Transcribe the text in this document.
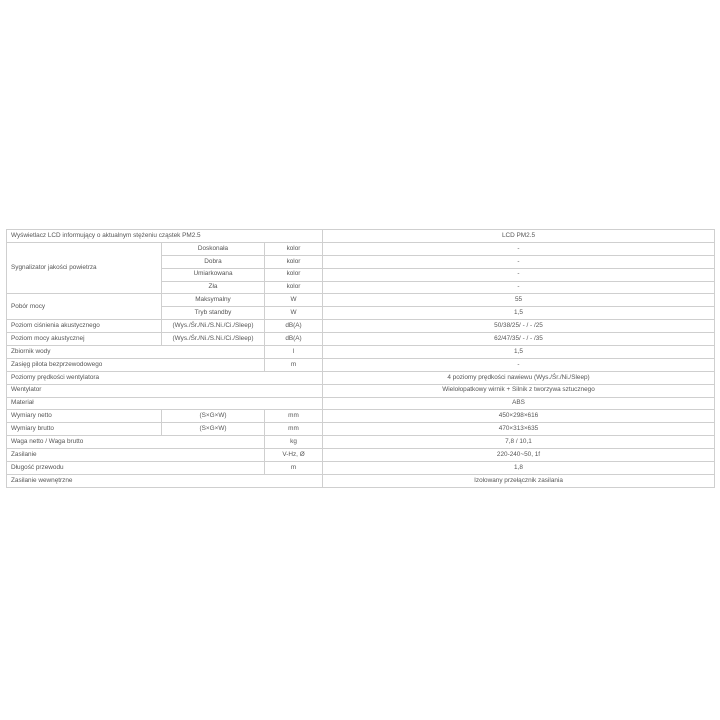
Wyświetlacz LCD informujący o aktualnym stężeniu cząstek PM2.5			LCD PM2.5
Sygnalizator jakości powietrza	Doskonała	kolor	-
	Dobra	kolor	-
	Umiarkowana	kolor	-
	Zła	kolor	-
Pobór mocy	Maksymalny	W	55
	Tryb standby	W	1,5
Poziom ciśnienia akustycznego	(Wys./Śr./Ni./S.Ni./Ci./Sleep)	dB(A)	50/38/25/ - / - /25
Poziom mocy akustycznej	(Wys./Śr./Ni./S.Ni./Ci./Sleep)	dB(A)	62/47/35/ - / - /35
Zbiornik wody		l	1,5
Zasięg pilota bezprzewodowego		m	-
Poziomy prędkości wentylatora			4 poziomy prędkości nawiewu (Wys./Śr./Ni./Sleep)
Wentylator			Wielołopatkowy wirnik + Silnik z tworzywa sztucznego
Materiał			ABS
Wymiary netto	(S×G×W)	mm	450×298×616
Wymiary brutto	(S×G×W)	mm	470×313×635
Waga netto / Waga brutto		kg	7,8 / 10,1
Zasilanie		V-Hz, Ø	220-240~50, 1f
Długość przewodu		m	1,8
Zasilanie wewnętrzne			Izolowany przełącznik zasilania
